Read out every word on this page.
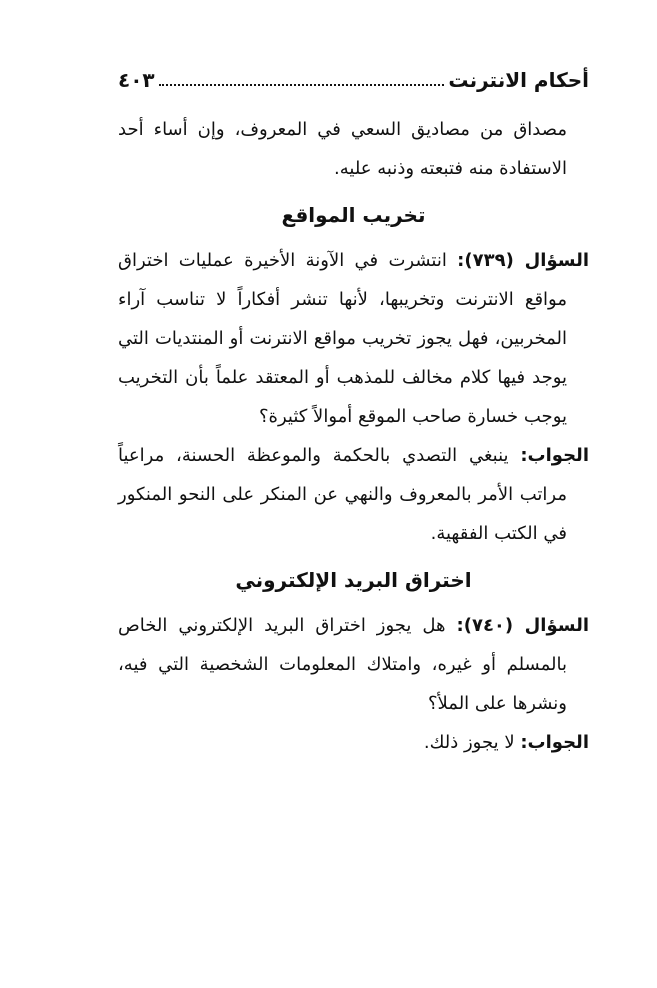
أحكام الانترنت
٤٠٣

مصداق من مصاديق السعي في المعروف، وإن أساء أحد الاستفادة منه فتبعته وذنبه عليه.

تخريب المواقع

السؤال (٧٣٩): انتشرت في الآونة الأخيرة عمليات اختراق مواقع الانترنت وتخريبها، لأنها تنشر أفكاراً لا تناسب آراء المخربين، فهل يجوز تخريب مواقع الانترنت أو المنتديات التي يوجد فيها كلام مخالف للمذهب أو المعتقد علماً بأن التخريب يوجب خسارة صاحب الموقع أموالاً كثيرة؟

الجواب: ينبغي التصدي بالحكمة والموعظة الحسنة، مراعياً مراتب الأمر بالمعروف والنهي عن المنكر على النحو المنكور في الكتب الفقهية.

اختراق البريد الإلكتروني

السؤال (٧٤٠): هل يجوز اختراق البريد الإلكتروني الخاص بالمسلم أو غيره، وامتلاك المعلومات الشخصية التي فيه، ونشرها على الملأ؟

الجواب: لا يجوز ذلك.
